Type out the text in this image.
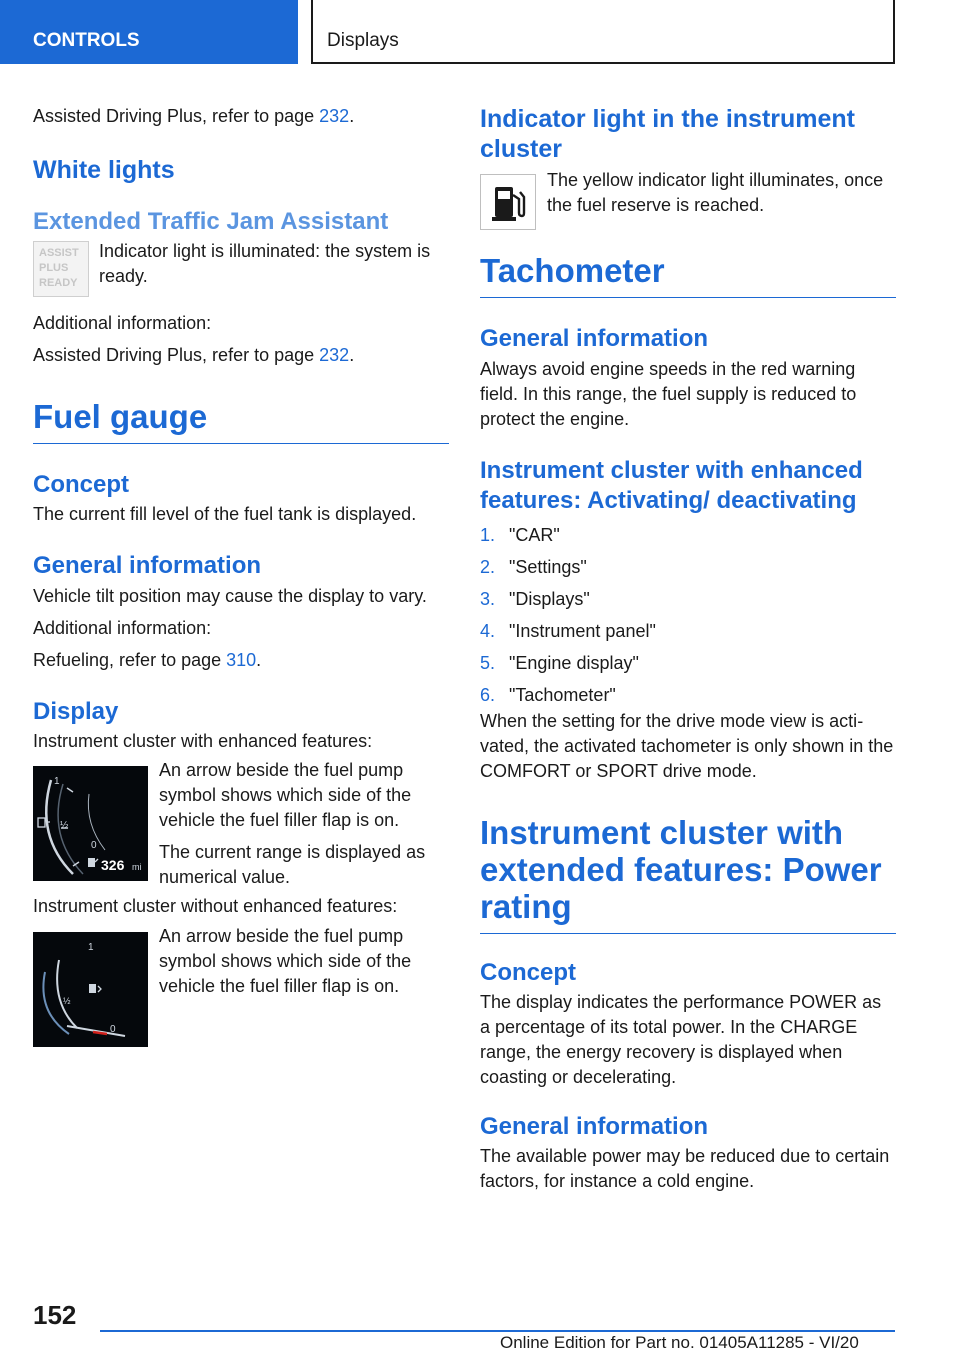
CONTROLS	Displays

Assisted Driving Plus, refer to page 232.

White lights
Extended Traffic Jam Assistant
ASSIST
PLUS
READY

Indicator light is illuminated: the system is ready.

Additional information:

Assisted Driving Plus, refer to page 232.

Fuel gauge
Concept

The current fill level of the fuel tank is displayed.

General information

Vehicle tilt position may cause the display to vary.

Additional information:

Refueling, refer to page 310.

Display

Instrument cluster with enhanced features:

1
½
0
326 mi

An arrow beside the fuel pump symbol shows which side of the vehicle the fuel filler flap is on.

The current range is displayed as numerical value.

Instrument cluster without enhanced features:

1
½
0

An arrow beside the fuel pump symbol shows which side of the vehicle the fuel filler flap is on.

Indicator light in the instrument cluster

The yellow indicator light illuminates, once the fuel reserve is reached.

Tachometer
General information

Always avoid engine speeds in the red warning field. In this range, the fuel supply is reduced to protect the engine.

Instrument cluster with enhanced features: Activating/ deactivating
1. "CAR"
2. "Settings"
3. "Displays"
4. "Instrument panel"
5. "Engine display"
6. "Tachometer"

When the setting for the drive mode view is activated, the activated tachometer is only shown in the COMFORT or SPORT drive mode.

Instrument cluster with extended features: Power rating
Concept

The display indicates the performance POWER as a percentage of its total power. In the CHARGE range, the energy recovery is displayed when coasting or decelerating.

General information

The available power may be reduced due to certain factors, for instance a cold engine.

152
Online Edition for Part no. 01405A11285 - VI/20
